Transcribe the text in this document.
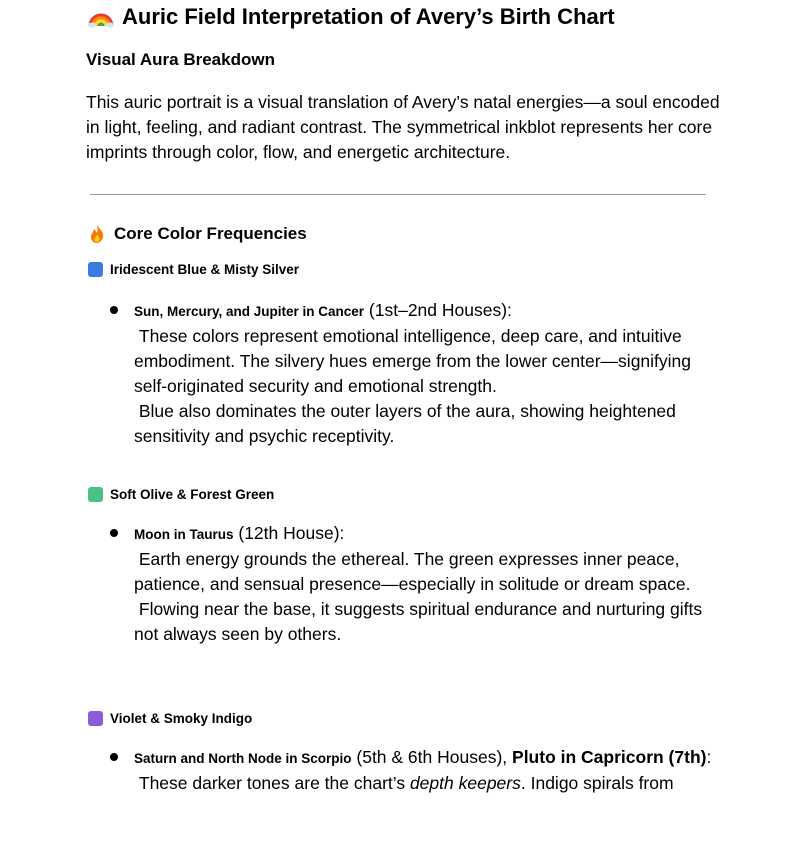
Auric Field Interpretation of Avery’s Birth Chart
Visual Aura Breakdown

This auric portrait is a visual translation of Avery’s natal energies—a soul encoded in light, feeling, and radiant contrast. The symmetrical inkblot represents her core imprints through color, flow, and energetic architecture.

Core Color Frequencies
Iridescent Blue & Misty Silver

Sun, Mercury, and Jupiter in Cancer (1st–2nd Houses):
These colors represent emotional intelligence, deep care, and intuitive embodiment. The silvery hues emerge from the lower center—signifying self-originated security and emotional strength.
Blue also dominates the outer layers of the aura, showing heightened sensitivity and psychic receptivity.

Soft Olive & Forest Green

Moon in Taurus (12th House):
Earth energy grounds the ethereal. The green expresses inner peace, patience, and sensual presence—especially in solitude or dream space.
Flowing near the base, it suggests spiritual endurance and nurturing gifts not always seen by others.

Violet & Smoky Indigo

Saturn and North Node in Scorpio (5th & 6th Houses), Pluto in Capricorn (7th):
These darker tones are the chart’s depth keepers. Indigo spirals from
